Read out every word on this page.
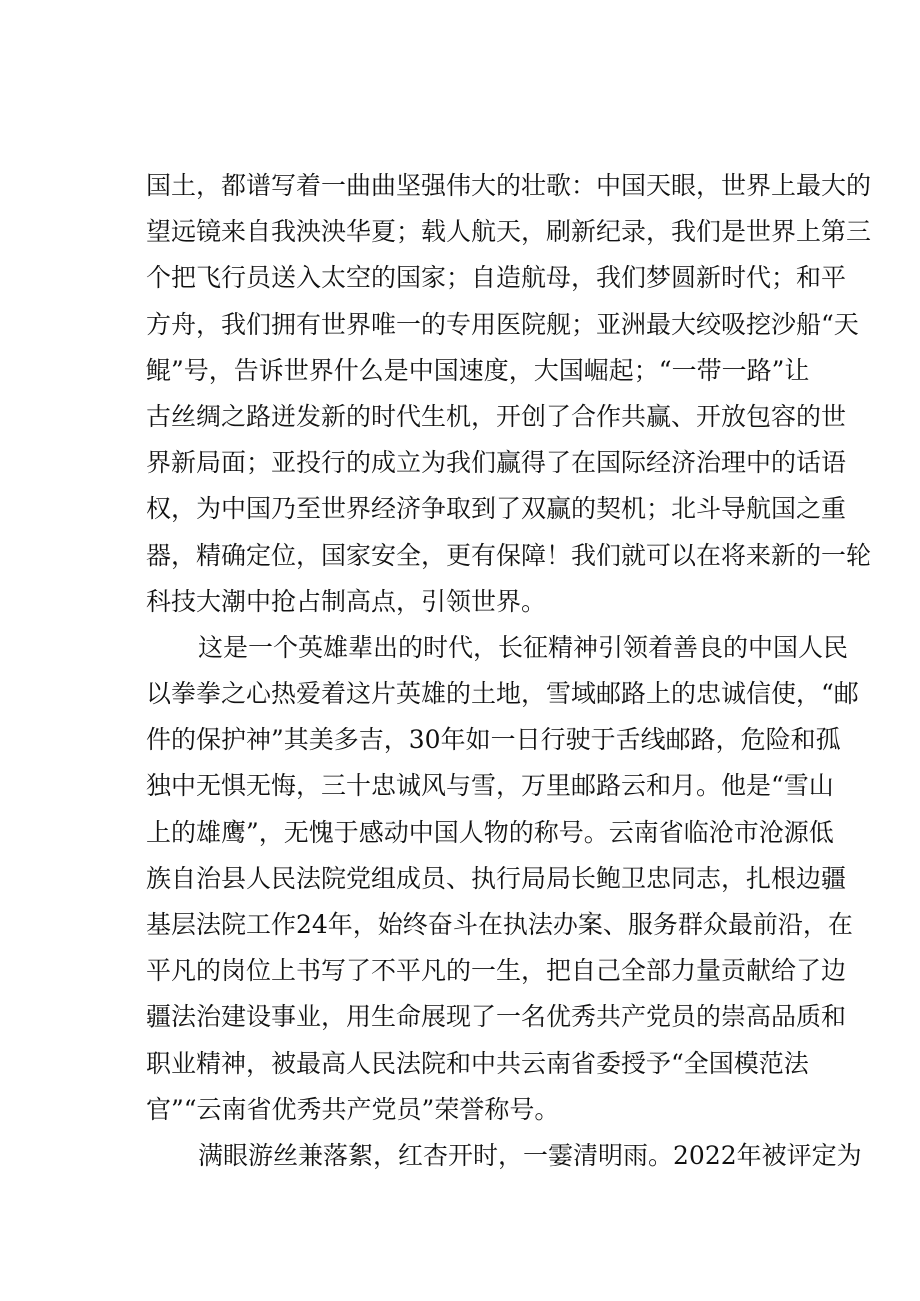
国土，都谱写着一曲曲坚强伟大的壮歌：中国天眼，世界上最大的
望远镜来自我泱泱华夏；载人航天，刷新纪录，我们是世界上第三
个把飞行员送入太空的国家；自造航母，我们梦圆新时代；和平
方舟，我们拥有世界唯一的专用医院舰；亚洲最大绞吸挖沙船“天
鲲”号，告诉世界什么是中国速度，大国崛起；“一带一路”让
古丝绸之路迸发新的时代生机，开创了合作共赢、开放包容的世
界新局面；亚投行的成立为我们赢得了在国际经济治理中的话语
权，为中国乃至世界经济争取到了双赢的契机；北斗导航国之重
器，精确定位，国家安全，更有保障！我们就可以在将来新的一轮
科技大潮中抢占制高点，引领世界。
这是一个英雄辈出的时代，长征精神引领着善良的中国人民
以拳拳之心热爱着这片英雄的土地，雪域邮路上的忠诚信使，“邮
件的保护神”其美多吉，30年如一日行驶于舌线邮路，危险和孤
独中无惧无悔，三十忠诚风与雪，万里邮路云和月。他是“雪山
上的雄鹰”，无愧于感动中国人物的称号。云南省临沧市沧源低
族自治县人民法院党组成员、执行局局长鲍卫忠同志，扎根边疆
基层法院工作24年，始终奋斗在执法办案、服务群众最前沿，在
平凡的岗位上书写了不平凡的一生，把自己全部力量贡献给了边
疆法治建设事业，用生命展现了一名优秀共产党员的崇高品质和
职业精神，被最高人民法院和中共云南省委授予“全国模范法
官”“云南省优秀共产党员”荣誉称号。
满眼游丝兼落絮，红杏开时，一霎清明雨。2022年被评定为
